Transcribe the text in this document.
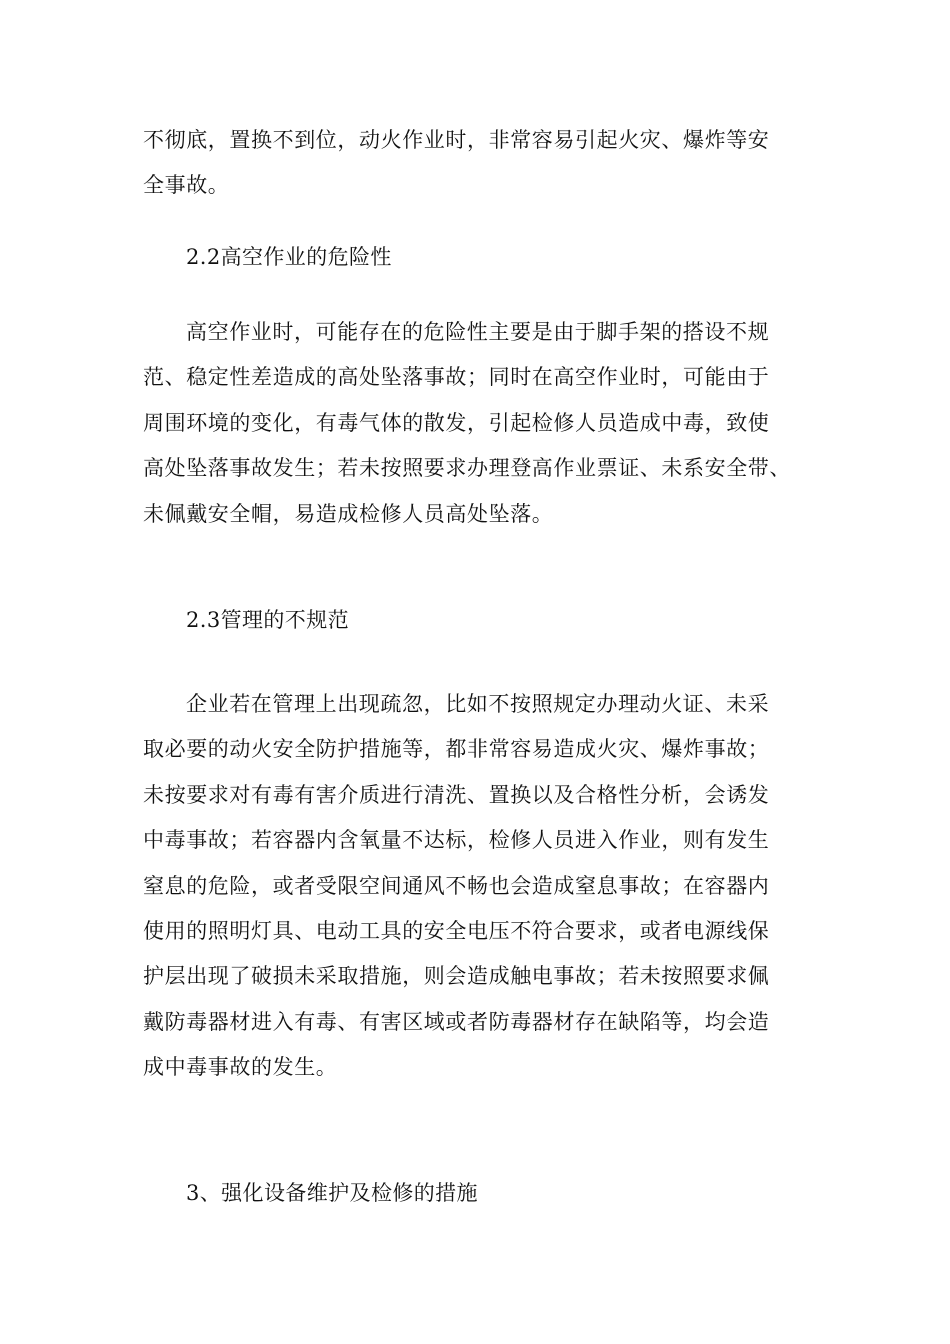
不彻底，置换不到位，动火作业时，非常容易引起火灾、爆炸等安
全事故。
2.2高空作业的危险性
高空作业时，可能存在的危险性主要是由于脚手架的搭设不规
范、稳定性差造成的高处坠落事故；同时在高空作业时，可能由于
周围环境的变化，有毒气体的散发，引起检修人员造成中毒，致使
高处坠落事故发生；若未按照要求办理登高作业票证、未系安全带、
未佩戴安全帽，易造成检修人员高处坠落。
2.3管理的不规范
企业若在管理上出现疏忽，比如不按照规定办理动火证、未采
取必要的动火安全防护措施等，都非常容易造成火灾、爆炸事故；
未按要求对有毒有害介质进行清洗、置换以及合格性分析，会诱发
中毒事故；若容器内含氧量不达标，检修人员进入作业，则有发生
窒息的危险，或者受限空间通风不畅也会造成窒息事故；在容器内
使用的照明灯具、电动工具的安全电压不符合要求，或者电源线保
护层出现了破损未采取措施，则会造成触电事故；若未按照要求佩
戴防毒器材进入有毒、有害区域或者防毒器材存在缺陷等，均会造
成中毒事故的发生。
3、强化设备维护及检修的措施
